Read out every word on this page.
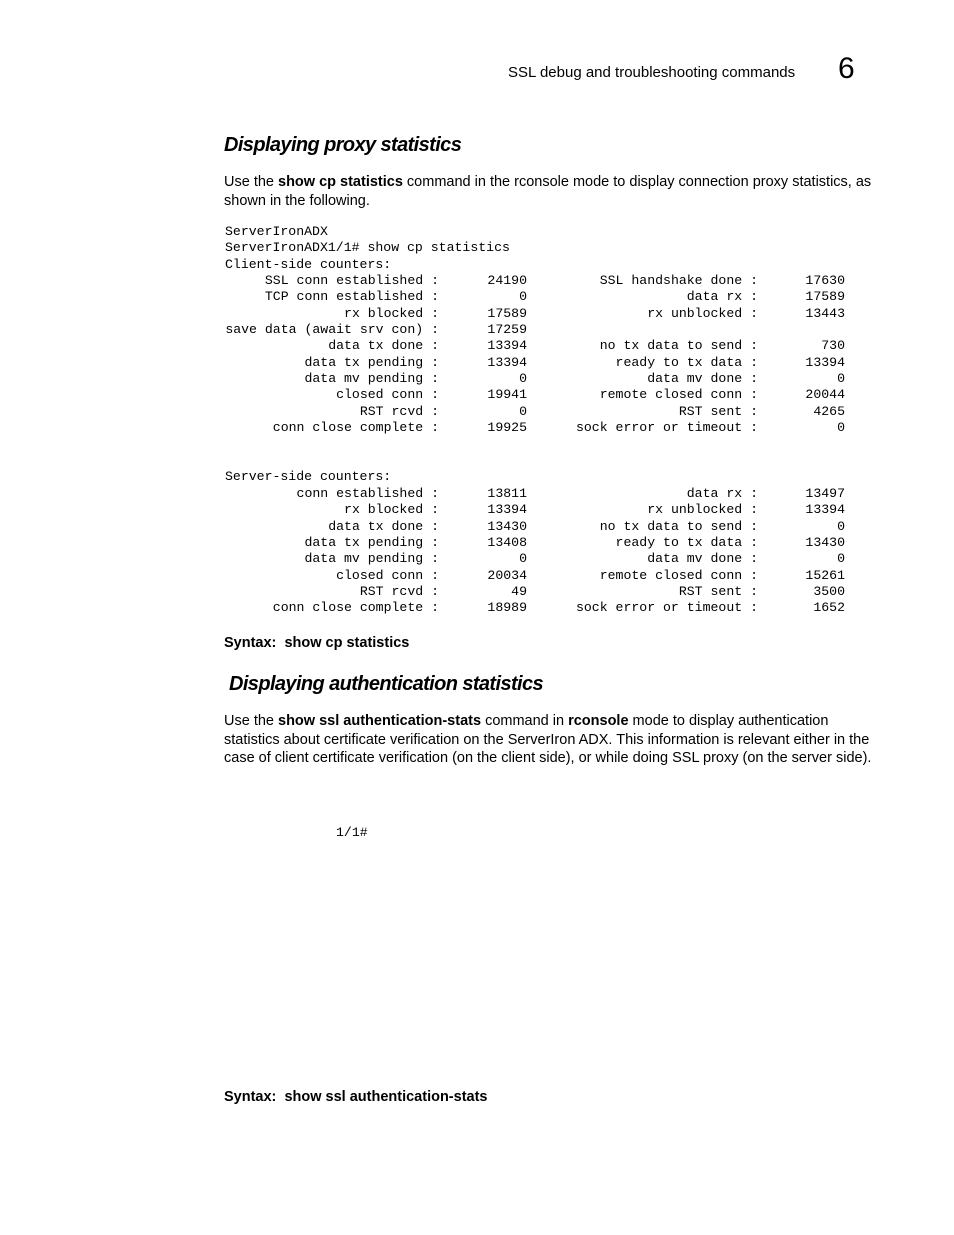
SSL debug and troubleshooting commands 6
Displaying proxy statistics

Use the show cp statistics command in the rconsole mode to display connection proxy statistics, as shown in the following.

ServerIronADX
ServerIronADX1/1# show cp statistics
Client-side counters:
SSL conn established :	24190	SSL handshake done :	17630
TCP conn established :	0	data rx :	17589
rx blocked :	17589	rx unblocked :	13443
save data (await srv con) :	17259
data tx done :	13394	no tx data to send :	730
data tx pending :	13394	ready to tx data :	13394
data mv pending :	0	data mv done :	0
closed conn :	19941	remote closed conn :	20044
RST rcvd :	0	RST sent :	4265
conn close complete :	19925	sock error or timeout :	0
Server-side counters:
conn established :	13811	data rx :	13497
rx blocked :	13394	rx unblocked :	13394
data tx done :	13430	no tx data to send :	0
data tx pending :	13408	ready to tx data :	13430
data mv pending :	0	data mv done :	0
closed conn :	20034	remote closed conn :	15261
RST rcvd :	49	RST sent :	3500
conn close complete :	18989	sock error or timeout :	1652
Syntax: show cp statistics
Displaying authentication statistics

Use the show ssl authentication-stats command in rconsole mode to display authentication statistics about certificate verification on the ServerIron ADX. This information is relevant either in the case of client certificate verification (on the client side), or while doing SSL proxy (on the server side).

1/1#
Syntax: show ssl authentication-stats
